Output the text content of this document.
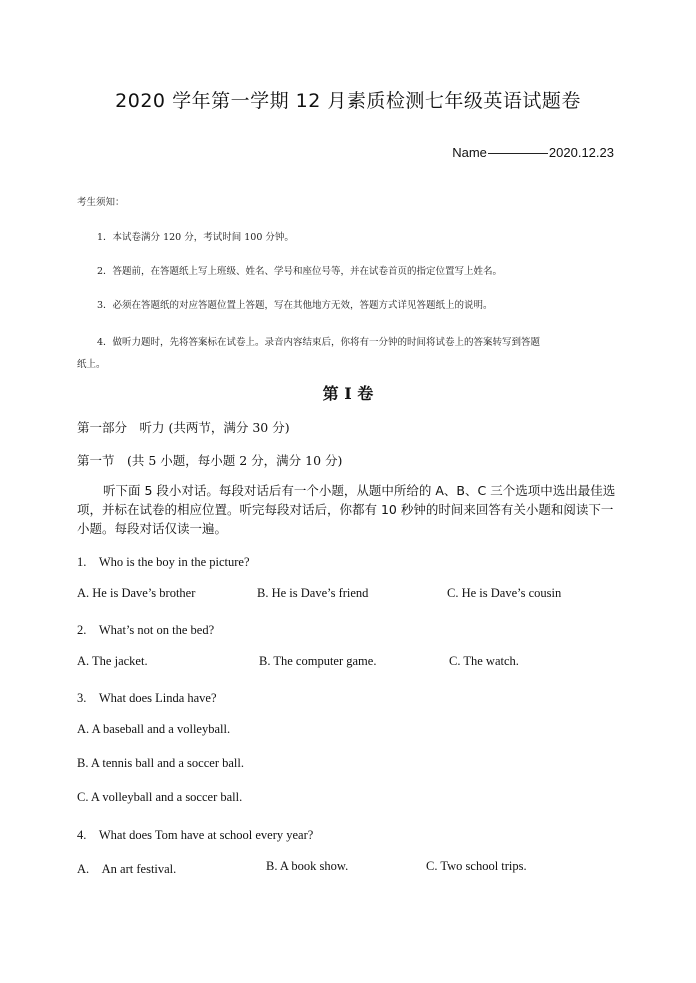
2020 学年第一学期 12 月素质检测七年级英语试题卷
Name	2020.12.23
考生须知：
1．本试卷满分 120 分，考试时间 100 分钟。
2．答题前，在答题纸上写上班级、姓名、学号和座位号等，并在试卷首页的指定位置写上姓名。
3．必须在答题纸的对应答题位置上答题，写在其他地方无效，答题方式详见答题纸上的说明。
4．做听力题时，先将答案标在试卷上。录音内容结束后，你将有一分钟的时间将试卷上的答案转写到答题
纸上。
第 I 卷
第一部分　听力 (共两节，满分 30 分)
第一节　(共 5 小题，每小题 2 分，满分 10 分)
听下面 5 段小对话。每段对话后有一个小题，从题中所给的 A、B、C 三个选项中选出最佳选项，并标在试卷的相应位置。听完每段对话后，你都有 10 秒钟的时间来回答有关小题和阅读下一小题。每段对话仅读一遍。
1.　Who is the boy in the picture?
A. He is Dave’s brother	B. He is Dave’s friend	C. He is Dave’s cousin
2.　What’s not on the bed?
A. The jacket.	B. The computer game.	C. The watch.
3.　What does Linda have?
A. A baseball and a volleyball.
B. A tennis ball and a soccer ball.
C. A volleyball and a soccer ball.
4.　What does Tom have at school every year?
A.　An art festival.	B. A book show.	C. Two school trips.
